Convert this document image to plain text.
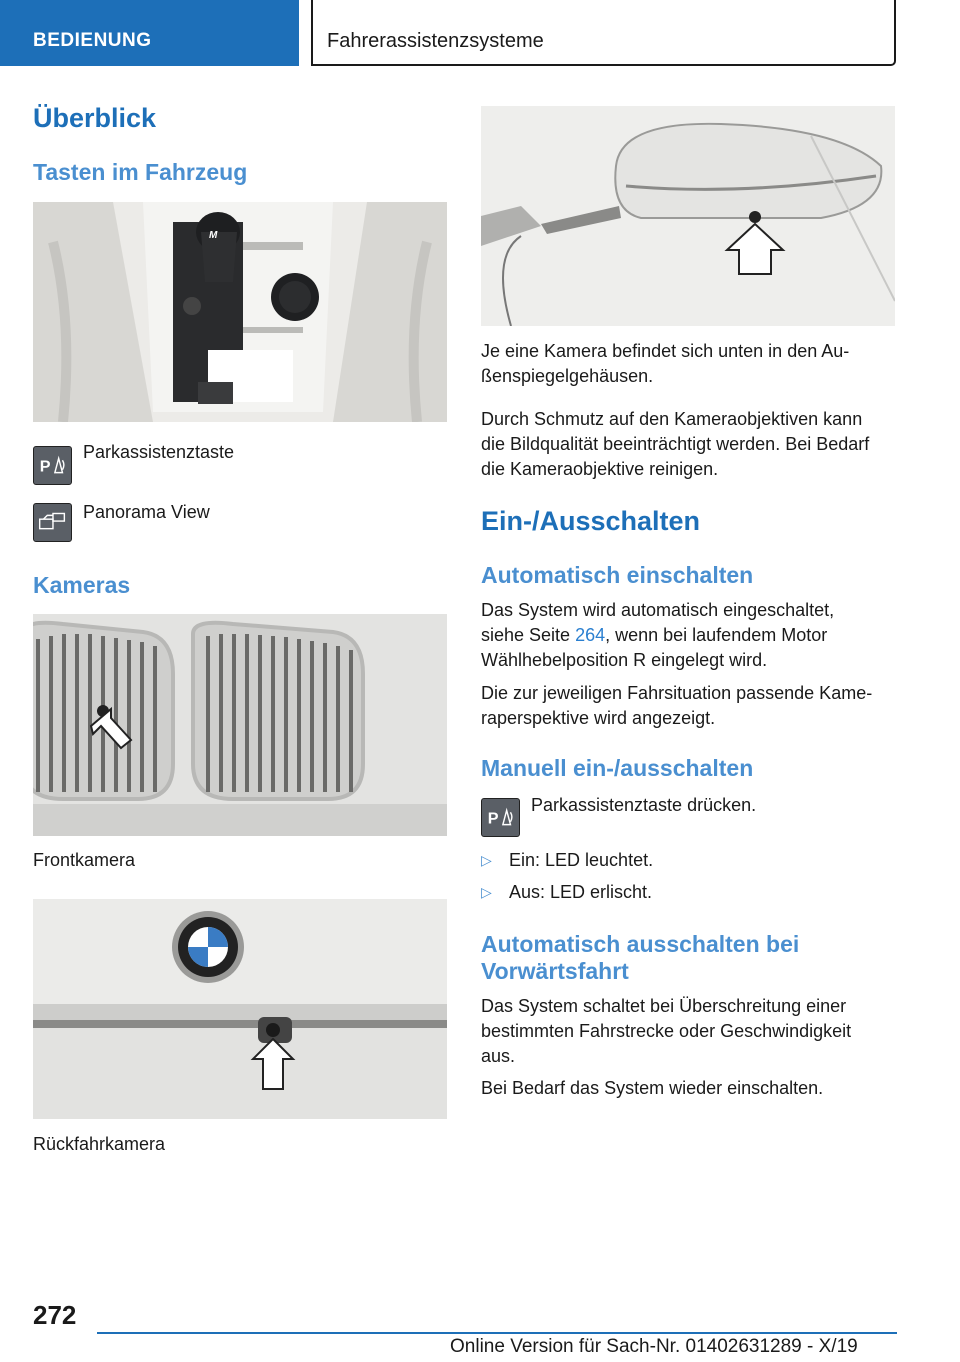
BEDIENUNG	Fahrerassistenzsysteme
Überblick
Tasten im Fahrzeug
M
P
Parkassistenztaste
Panorama View
Kameras
Frontkamera
Rückfahrkamera
Je eine Kamera befindet sich unten in den Au-
ßenspiegelgehäusen.
Durch Schmutz auf den Kameraobjektiven kann
die Bildqualität beeinträchtigt werden. Bei Bedarf
die Kameraobjektive reinigen.
Ein-/Ausschalten
Automatisch einschalten
Das System wird automatisch eingeschaltet,
siehe Seite 264, wenn bei laufendem Motor
Wählhebelposition R eingelegt wird.
Die zur jeweiligen Fahrsituation passende Kame-
raperspektive wird angezeigt.
Manuell ein-/ausschalten
P
Parkassistenztaste drücken.
▷ Ein: LED leuchtet.
▷ Aus: LED erlischt.
Automatisch ausschalten bei
Vorwärtsfahrt
Das System schaltet bei Überschreitung einer
bestimmten Fahrstrecke oder Geschwindigkeit
aus.
Bei Bedarf das System wieder einschalten.
272
Online Version für Sach-Nr. 01402631289 - X/19
